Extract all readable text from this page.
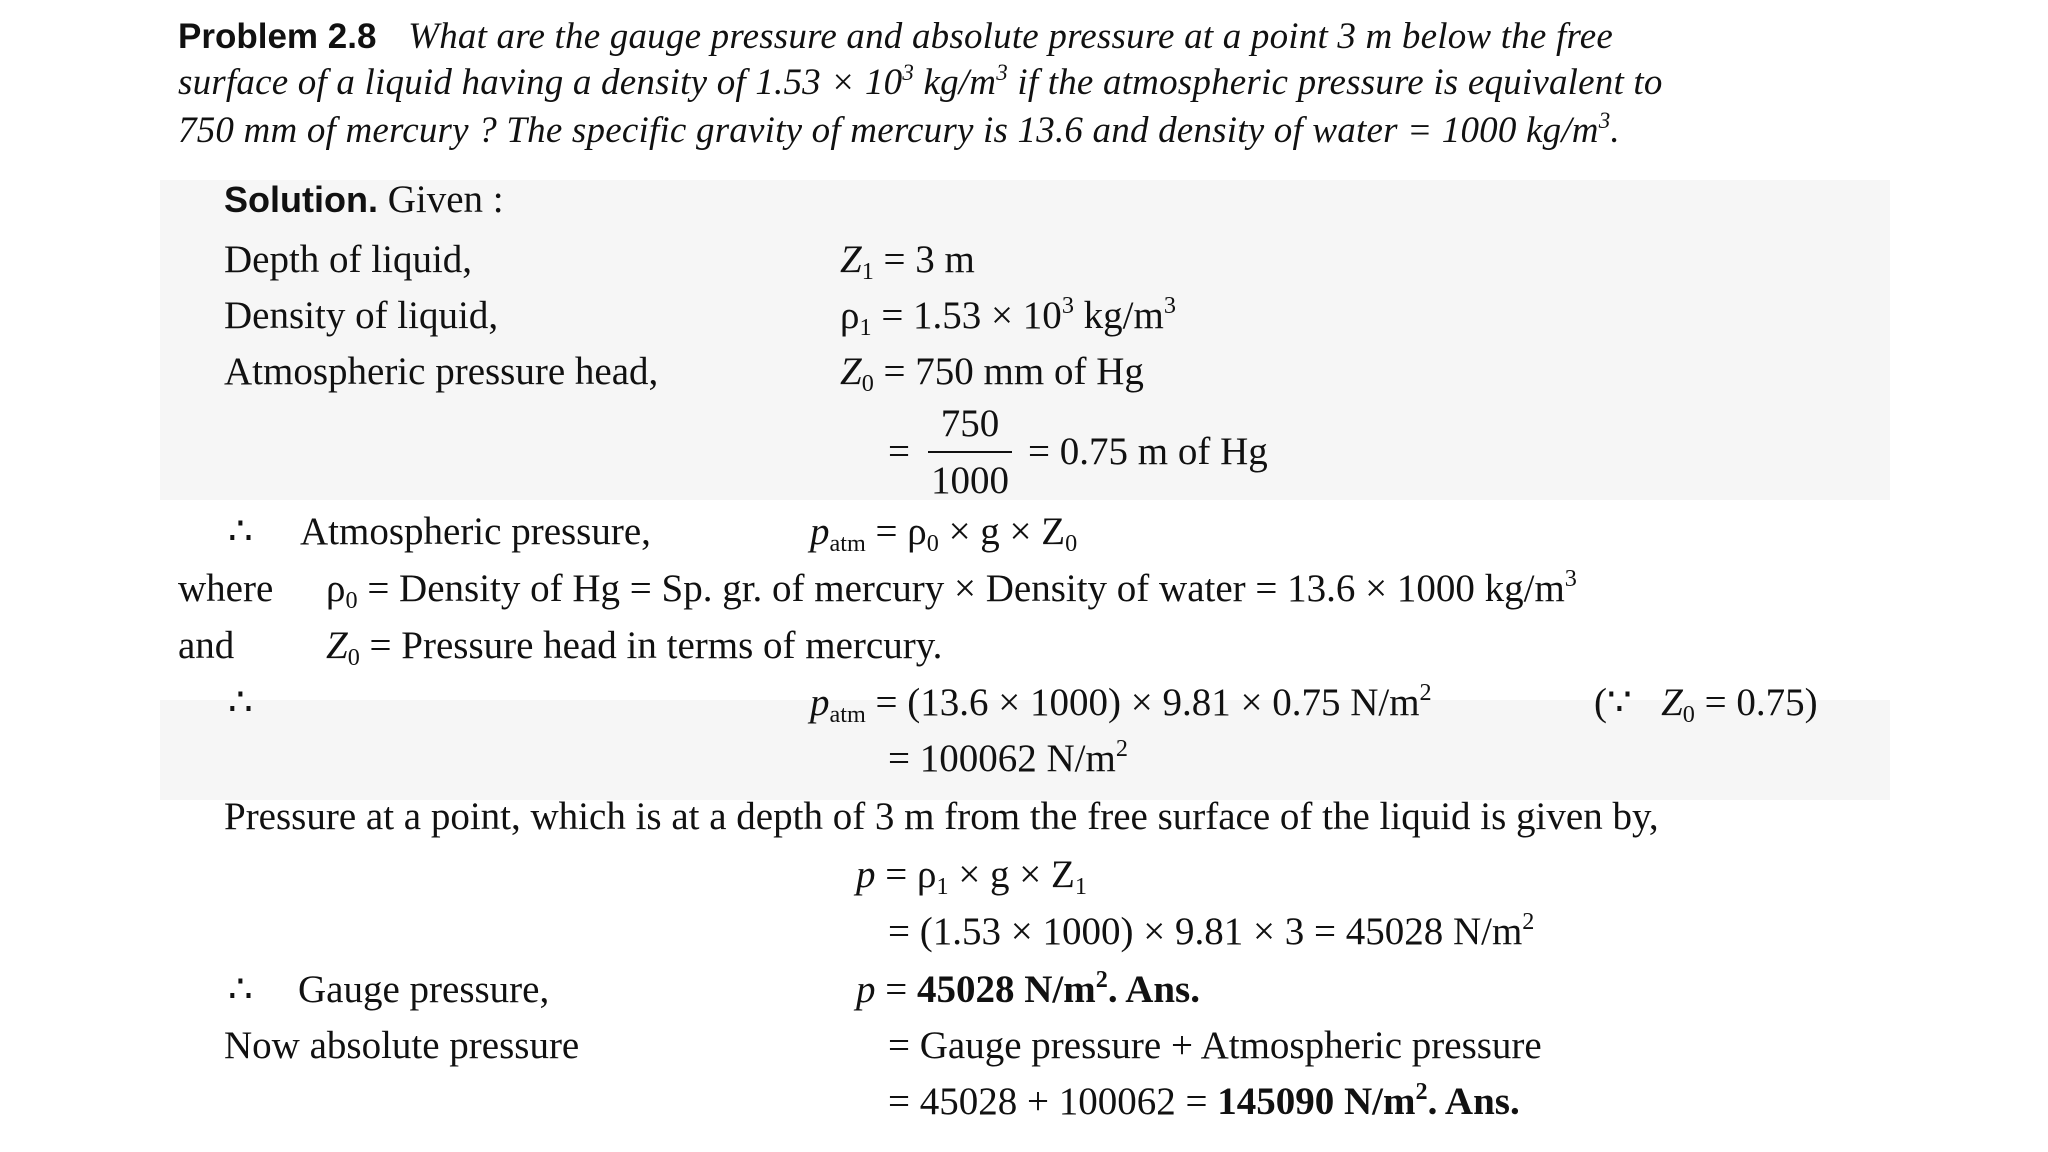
Problem 2.8 What are the gauge pressure and absolute pressure at a point 3 m below the free
surface of a liquid having a density of $1.53 \times 10^3$ $kg/m^3$ if the atmospheric pressure is equivalent to
750 mm of mercury ? The specific gravity of mercury is 13.6 and density of water = 1000 $kg/m^3$.
Solution. Given :
Depth of liquid,	$Z_1 = 3$ m
Density of liquid,	$\rho_1 = 1.53 \times 10^3$ $kg/m^3$
Atmospheric pressure head,	$Z_0 = 750$ mm of Hg
=
750
1000
= 0.75 m of Hg
∴ Atmospheric pressure,	$p_{atm} = \rho_0 \times g \times Z_0$
where $\rho_0$ = Density of Hg = Sp. gr. of mercury × Density of water = 13.6 × 1000 $kg/m^3$
and $Z_0$ = Pressure head in terms of mercury.
∴	$p_{atm} = (13.6 \times 1000) \times 9.81 \times 0.75$ $N/m^2$	(∵ $Z_0 = 0.75$)
= 100062 $N/m^2$
Pressure at a point, which is at a depth of 3 m from the free surface of the liquid is given by,
$p = \rho_1 \times g \times Z_1$
= (1.53 × 1000) × 9.81 × 3 = 45028 $N/m^2$
∴ Gauge pressure,	p = 45028 $N/m^2$. Ans.
Now absolute pressure	= Gauge pressure + Atmospheric pressure
= 45028 + 100062 = 145090 $N/m^2$. Ans.
